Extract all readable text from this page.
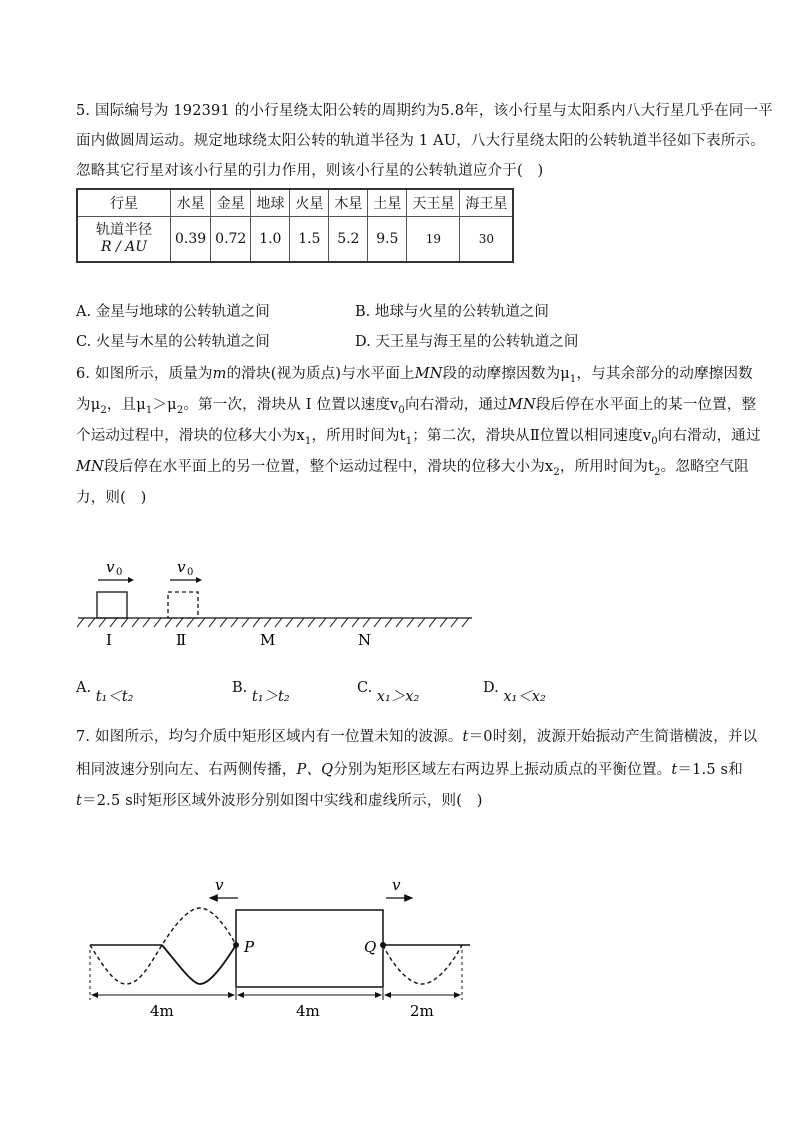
5. 国际编号为 192391 的小行星绕太阳公转的周期约为5.8年，该小行星与太阳系内八大行星几乎在同一平
面内做圆周运动。规定地球绕太阳公转的轨道半径为 1 AU，八大行星绕太阳的公转轨道半径如下表所示。
忽略其它行星对该小行星的引力作用，则该小行星的公转轨道应介于(　)
行星	水星	金星	地球	火星	木星	土星	天王星	海王星

轨道半径
R / AU	0.39	0.72	1.0	1.5	5.2	9.5	19	30
A. 金星与地球的公转轨道之间	B. 地球与火星的公转轨道之间
C. 火星与木星的公转轨道之间	D. 天王星与海王星的公转轨道之间
6. 如图所示，质量为m的滑块(视为质点)与水平面上MN段的动摩擦因数为$\mu_1$，与其余部分的动摩擦因数
为$\mu_2$，且$\mu_1>\mu_2$。第一次，滑块从 Ⅰ 位置以速度$v_0$向右滑动，通过MN段后停在水平面上的某一位置，整
个运动过程中，滑块的位移大小为$x_1$，所用时间为$t_1$；第二次，滑块从Ⅱ位置以相同速度$v_0$向右滑动，通过
MN段后停在水平面上的另一位置，整个运动过程中，滑块的位移大小为$x_2$，所用时间为$t_2$。忽略空气阻
力，则(　)
v 0	v 0
Ⅰ	Ⅱ	M	N
A. t₁＜t₂
B. t₁＞t₂
C. x₁＞x₂
D. x₁＜x₂
7. 如图所示，均匀介质中矩形区域内有一位置未知的波源。t＝0时刻，波源开始振动产生简谐横波，并以
相同波速分别向左、右两侧传播，P、Q分别为矩形区域左右两边界上振动质点的平衡位置。t＝1.5 s和
t＝2.5 s时矩形区域外波形分别如图中实线和虚线所示，则(　)
v	v
P	Q
4m	4m	2m
